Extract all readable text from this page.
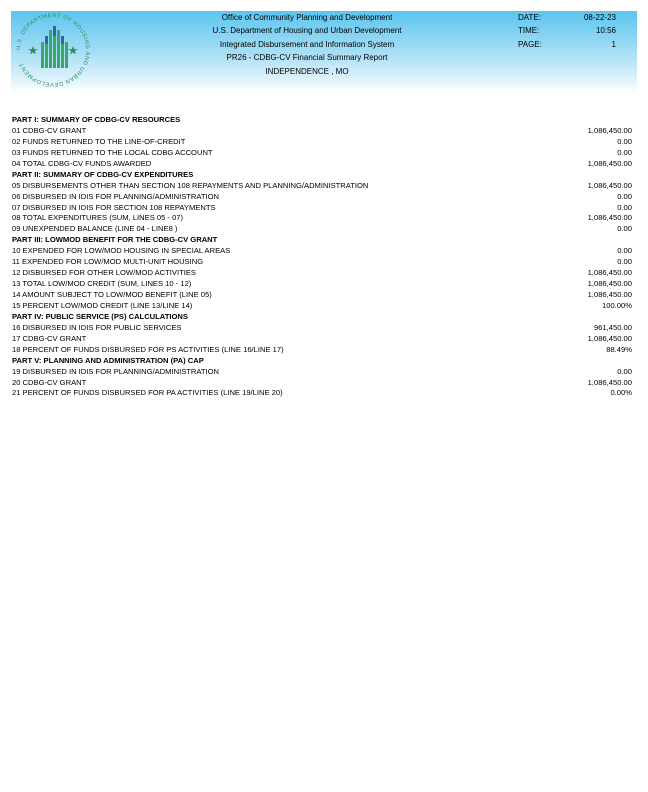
U.S. DEPARTMENT OF HOUSING AND URBAN DEVELOPMENT
Office of Community Planning and Development
U.S. Department of Housing and Urban Development
Integrated Disbursement and Information System
PR26 - CDBG-CV Financial Summary Report
INDEPENDENCE , MO
DATE:	08-22-23
TIME:	10:56
PAGE:	1
PART I: SUMMARY OF CDBG-CV RESOURCES
01 CDBG-CV GRANT	1,086,450.00
02 FUNDS RETURNED TO THE LINE-OF-CREDIT	0.00
03 FUNDS RETURNED TO THE LOCAL CDBG ACCOUNT	0.00
04 TOTAL CDBG-CV FUNDS AWARDED	1,086,450.00
PART II: SUMMARY OF CDBG-CV EXPENDITURES
05 DISBURSEMENTS OTHER THAN SECTION 108 REPAYMENTS AND PLANNING/ADMINISTRATION	1,086,450.00
06 DISBURSED IN IDIS FOR PLANNING/ADMINISTRATION	0.00
07 DISBURSED IN IDIS FOR SECTION 108 REPAYMENTS	0.00
08 TOTAL EXPENDITURES (SUM, LINES 05 - 07)	1,086,450.00
09 UNEXPENDED BALANCE (LINE 04 - LINE8 )	0.00
PART III: LOWMOD BENEFIT FOR THE CDBG-CV GRANT
10 EXPENDED FOR LOW/MOD HOUSING IN SPECIAL AREAS	0.00
11 EXPENDED FOR LOW/MOD MULTI-UNIT HOUSING	0.00
12 DISBURSED FOR OTHER LOW/MOD ACTIVITIES	1,086,450.00
13 TOTAL LOW/MOD CREDIT (SUM, LINES 10 - 12)	1,086,450.00
14 AMOUNT SUBJECT TO LOW/MOD BENEFIT (LINE 05)	1,086,450.00
15 PERCENT LOW/MOD CREDIT (LINE 13/LINE 14)	100.00%
PART IV: PUBLIC SERVICE (PS) CALCULATIONS
16 DISBURSED IN IDIS FOR PUBLIC SERVICES	961,450.00
17 CDBG-CV GRANT	1,086,450.00
18 PERCENT OF FUNDS DISBURSED FOR PS ACTIVITIES (LINE 16/LINE 17)	88.49%
PART V: PLANNING AND ADMINISTRATION (PA) CAP
19 DISBURSED IN IDIS FOR PLANNING/ADMINISTRATION	0.00
20 CDBG-CV GRANT	1,086,450.00
21 PERCENT OF FUNDS DISBURSED FOR PA ACTIVITIES (LINE 19/LINE 20)	0.00%
